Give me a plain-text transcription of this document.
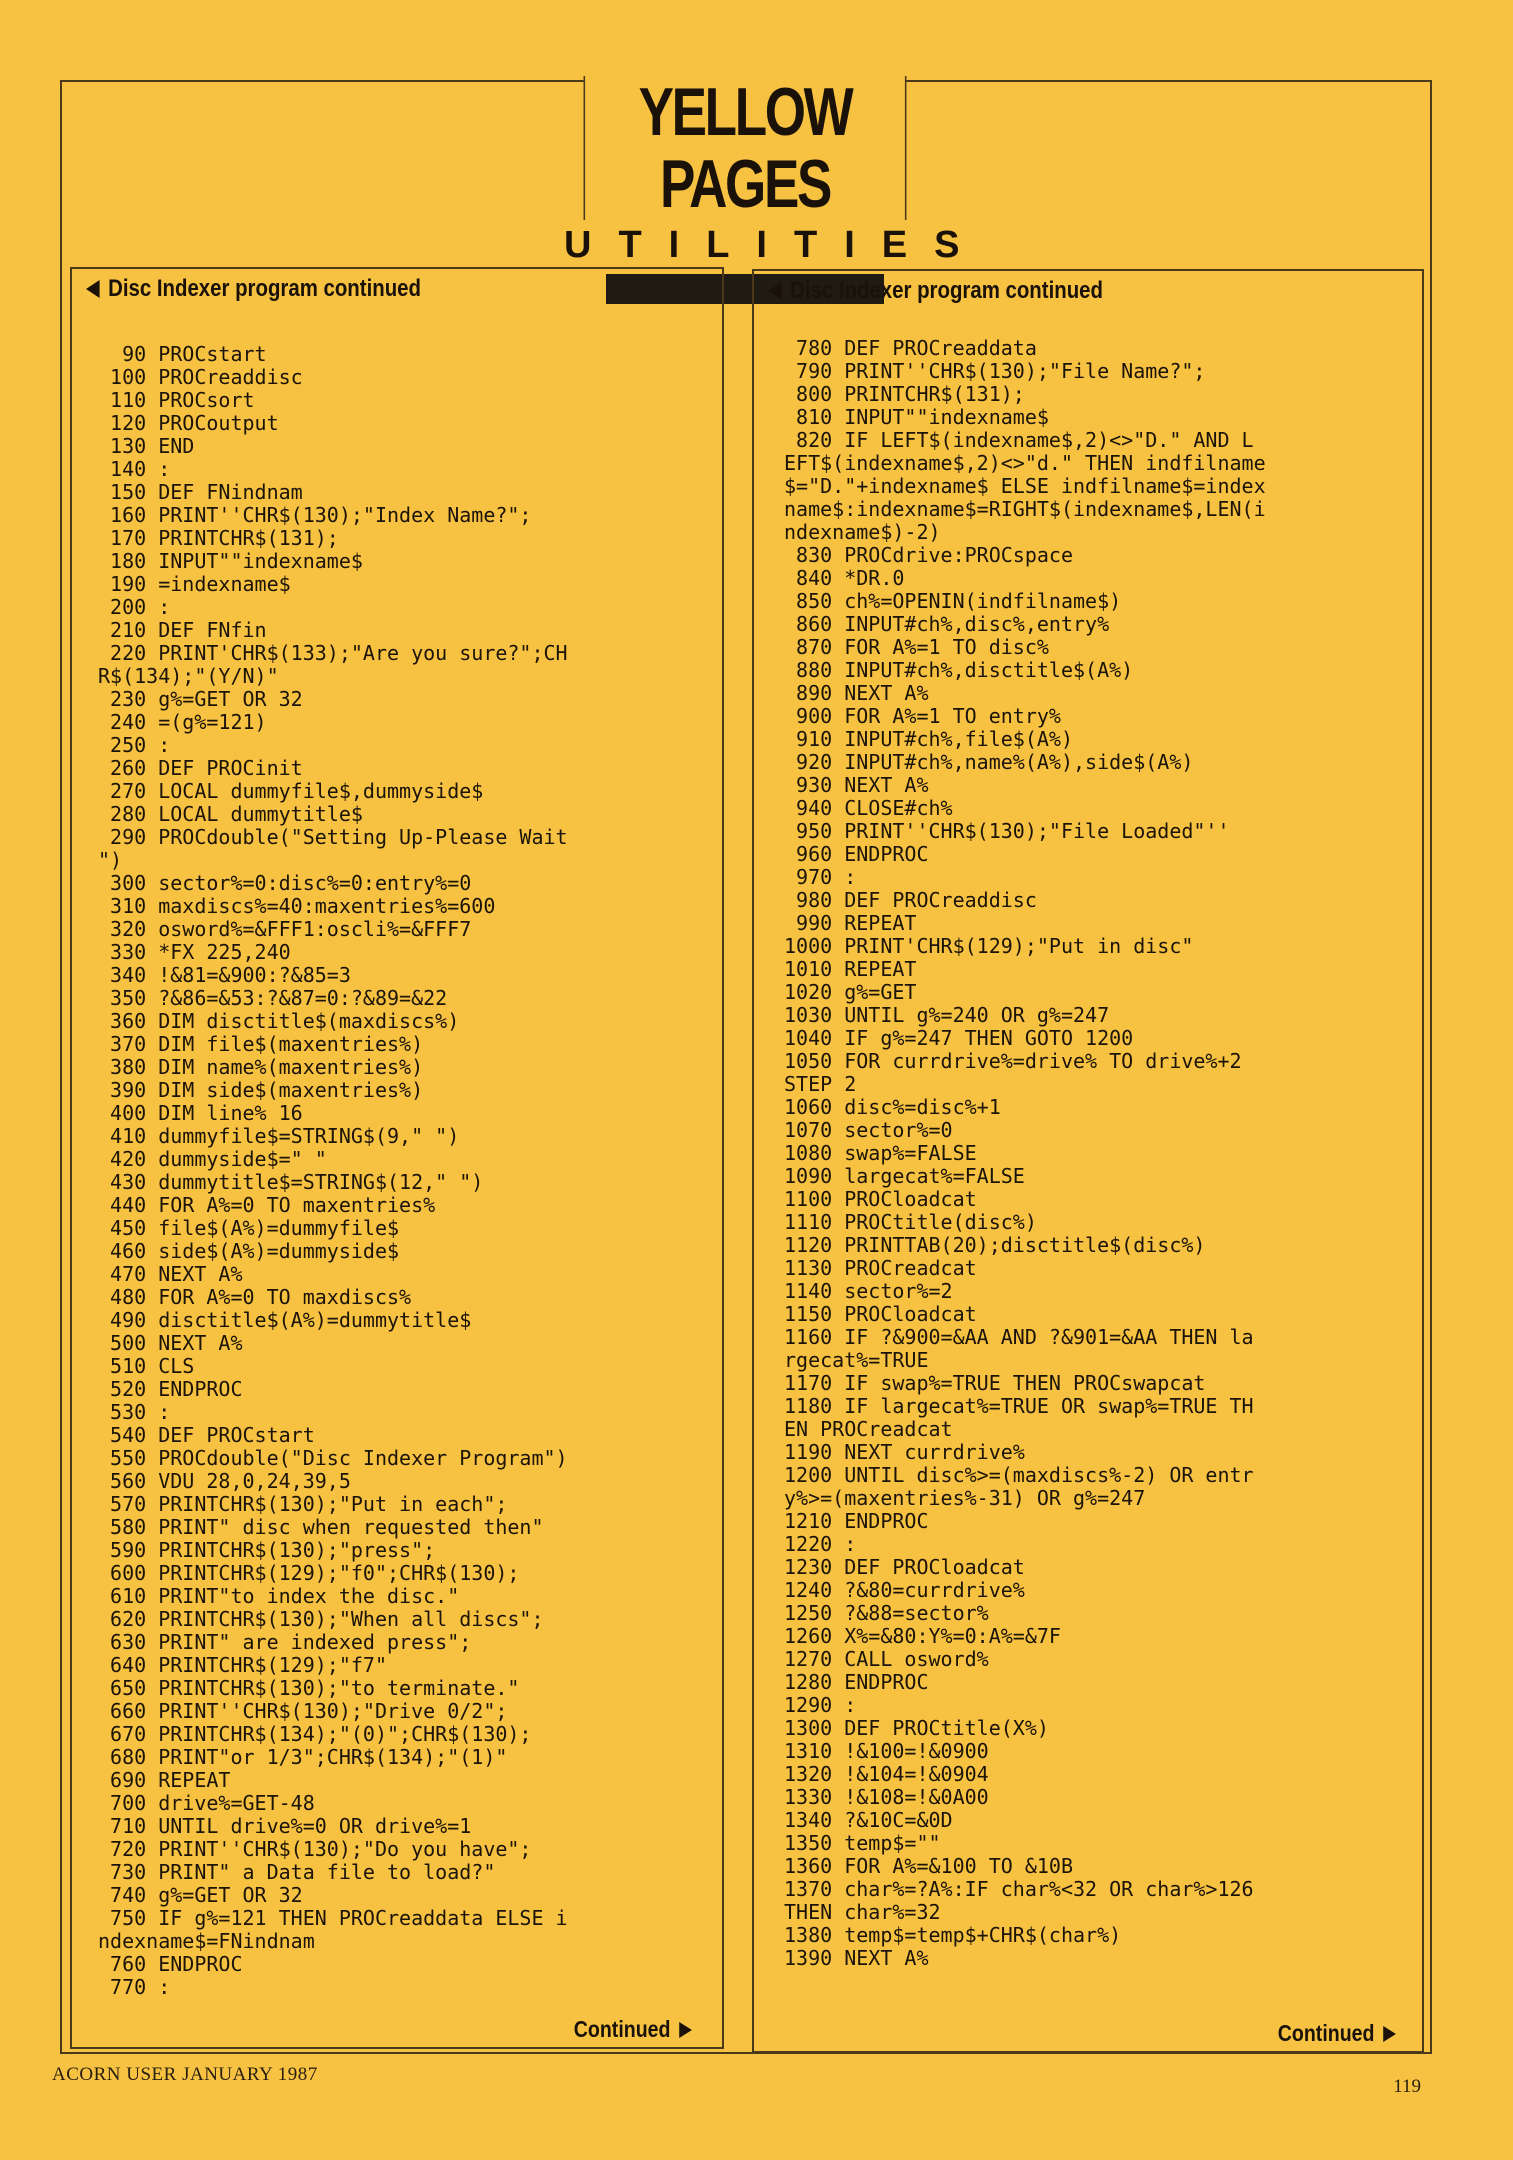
YELLOW PAGES
UTILITIES
Disc Indexer program continued
90 PROCstart
100 PROCreaddisc
110 PROCsort
120 PROCoutput
130 END
140 :
150 DEF FNindnam
160 PRINT''CHR$(130);"Index Name?";
170 PRINTCHR$(131);
180 INPUT""indexname$
190 =indexname$
200 :
210 DEF FNfin
220 PRINT'CHR$(133);"Are you sure?";CH
R$(134);"(Y/N)"
230 g%=GET OR 32
240 =(g%=121)
250 :
260 DEF PROCinit
270 LOCAL dummyfile$,dummyside$
280 LOCAL dummytitle$
290 PROCdouble("Setting Up-Please Wait
")
300 sector%=0:disc%=0:entry%=0
310 maxdiscs%=40:maxentries%=600
320 osword%=&FFF1:oscli%=&FFF7
330 *FX 225,240
340 !&81=&900:?&85=3
350 ?&86=&53:?&87=0:?&89=&22
360 DIM disctitle$(maxdiscs%)
370 DIM file$(maxentries%)
380 DIM name%(maxentries%)
390 DIM side$(maxentries%)
400 DIM line% 16
410 dummyfile$=STRING$(9," ")
420 dummyside$=" "
430 dummytitle$=STRING$(12," ")
440 FOR A%=0 TO maxentries%
450 file$(A%)=dummyfile$
460 side$(A%)=dummyside$
470 NEXT A%
480 FOR A%=0 TO maxdiscs%
490 disctitle$(A%)=dummytitle$
500 NEXT A%
510 CLS
520 ENDPROC
530 :
540 DEF PROCstart
550 PROCdouble("Disc Indexer Program")
560 VDU 28,0,24,39,5
570 PRINTCHR$(130);"Put in each";
580 PRINT" disc when requested then"
590 PRINTCHR$(130);"press";
600 PRINTCHR$(129);"f0";CHR$(130);
610 PRINT"to index the disc."
620 PRINTCHR$(130);"When all discs";
630 PRINT" are indexed press";
640 PRINTCHR$(129);"f7"
650 PRINTCHR$(130);"to terminate."
660 PRINT''CHR$(130);"Drive 0/2";
670 PRINTCHR$(134);"(0)";CHR$(130);
680 PRINT"or 1/3";CHR$(134);"(1)"
690 REPEAT
700 drive%=GET-48
710 UNTIL drive%=0 OR drive%=1
720 PRINT''CHR$(130);"Do you have";
730 PRINT" a Data file to load?"
740 g%=GET OR 32
750 IF g%=121 THEN PROCreaddata ELSE i
ndexname$=FNindnam
760 ENDPROC
770 :
Continued
Disc Indexer program continued
780 DEF PROCreaddata
790 PRINT''CHR$(130);"File Name?";
800 PRINTCHR$(131);
810 INPUT""indexname$
820 IF LEFT$(indexname$,2)<>"D." AND L
EFT$(indexname$,2)<>"d." THEN indfilname
$="D."+indexname$ ELSE indfilname$=index
name$:indexname$=RIGHT$(indexname$,LEN(i
ndexname$)-2)
830 PROCdrive:PROCspace
840 *DR.0
850 ch%=OPENIN(indfilname$)
860 INPUT#ch%,disc%,entry%
870 FOR A%=1 TO disc%
880 INPUT#ch%,disctitle$(A%)
890 NEXT A%
900 FOR A%=1 TO entry%
910 INPUT#ch%,file$(A%)
920 INPUT#ch%,name%(A%),side$(A%)
930 NEXT A%
940 CLOSE#ch%
950 PRINT''CHR$(130);"File Loaded"''
960 ENDPROC
970 :
980 DEF PROCreaddisc
990 REPEAT
1000 PRINT'CHR$(129);"Put in disc"
1010 REPEAT
1020 g%=GET
1030 UNTIL g%=240 OR g%=247
1040 IF g%=247 THEN GOTO 1200
1050 FOR currdrive%=drive% TO drive%+2
STEP 2
1060 disc%=disc%+1
1070 sector%=0
1080 swap%=FALSE
1090 largecat%=FALSE
1100 PROCloadcat
1110 PROCtitle(disc%)
1120 PRINTTAB(20);disctitle$(disc%)
1130 PROCreadcat
1140 sector%=2
1150 PROCloadcat
1160 IF ?&900=&AA AND ?&901=&AA THEN la
rgecat%=TRUE
1170 IF swap%=TRUE THEN PROCswapcat
1180 IF largecat%=TRUE OR swap%=TRUE TH
EN PROCreadcat
1190 NEXT currdrive%
1200 UNTIL disc%>=(maxdiscs%-2) OR entr
y%>=(maxentries%-31) OR g%=247
1210 ENDPROC
1220 :
1230 DEF PROCloadcat
1240 ?&80=currdrive%
1250 ?&88=sector%
1260 X%=&80:Y%=0:A%=&7F
1270 CALL osword%
1280 ENDPROC
1290 :
1300 DEF PROCtitle(X%)
1310 !&100=!&0900
1320 !&104=!&0904
1330 !&108=!&0A00
1340 ?&10C=&0D
1350 temp$=""
1360 FOR A%=&100 TO &10B
1370 char%=?A%:IF char%<32 OR char%>126
THEN char%=32
1380 temp$=temp$+CHR$(char%)
1390 NEXT A%
Continued
ACORN USER JANUARY 1987
119
